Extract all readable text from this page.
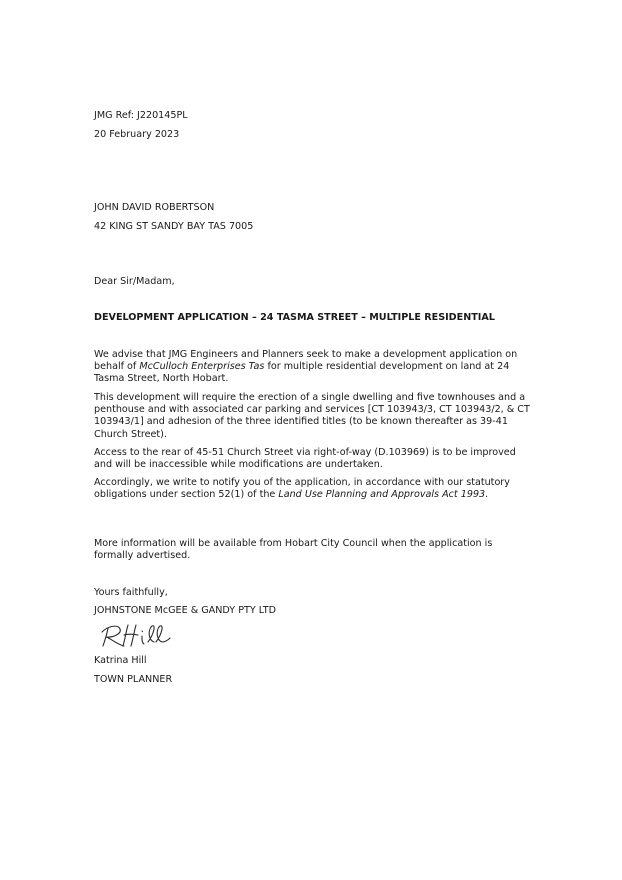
JMG Ref: J220145PL

20 February 2023

JOHN DAVID ROBERTSON

42 KING ST SANDY BAY TAS 7005

Dear Sir/Madam,

DEVELOPMENT APPLICATION – 24 TASMA STREET – MULTIPLE RESIDENTIAL

We advise that JMG Engineers and Planners seek to make a development application on behalf of McCulloch Enterprises Tas for multiple residential development on land at 24 Tasma Street, North Hobart.

This development will require the erection of a single dwelling and five townhouses and a penthouse and with associated car parking and services [CT 103943/3, CT 103943/2, & CT 103943/1] and adhesion of the three identified titles (to be known thereafter as 39-41 Church Street).

Access to the rear of 45-51 Church Street via right-of-way (D.103969) is to be improved and will be inaccessible while modifications are undertaken.

Accordingly, we write to notify you of the application, in accordance with our statutory obligations under section 52(1) of the Land Use Planning and Approvals Act 1993.

More information will be available from Hobart City Council when the application is formally advertised.

Yours faithfully,

JOHNSTONE McGEE & GANDY PTY LTD

Katrina Hill

TOWN PLANNER
